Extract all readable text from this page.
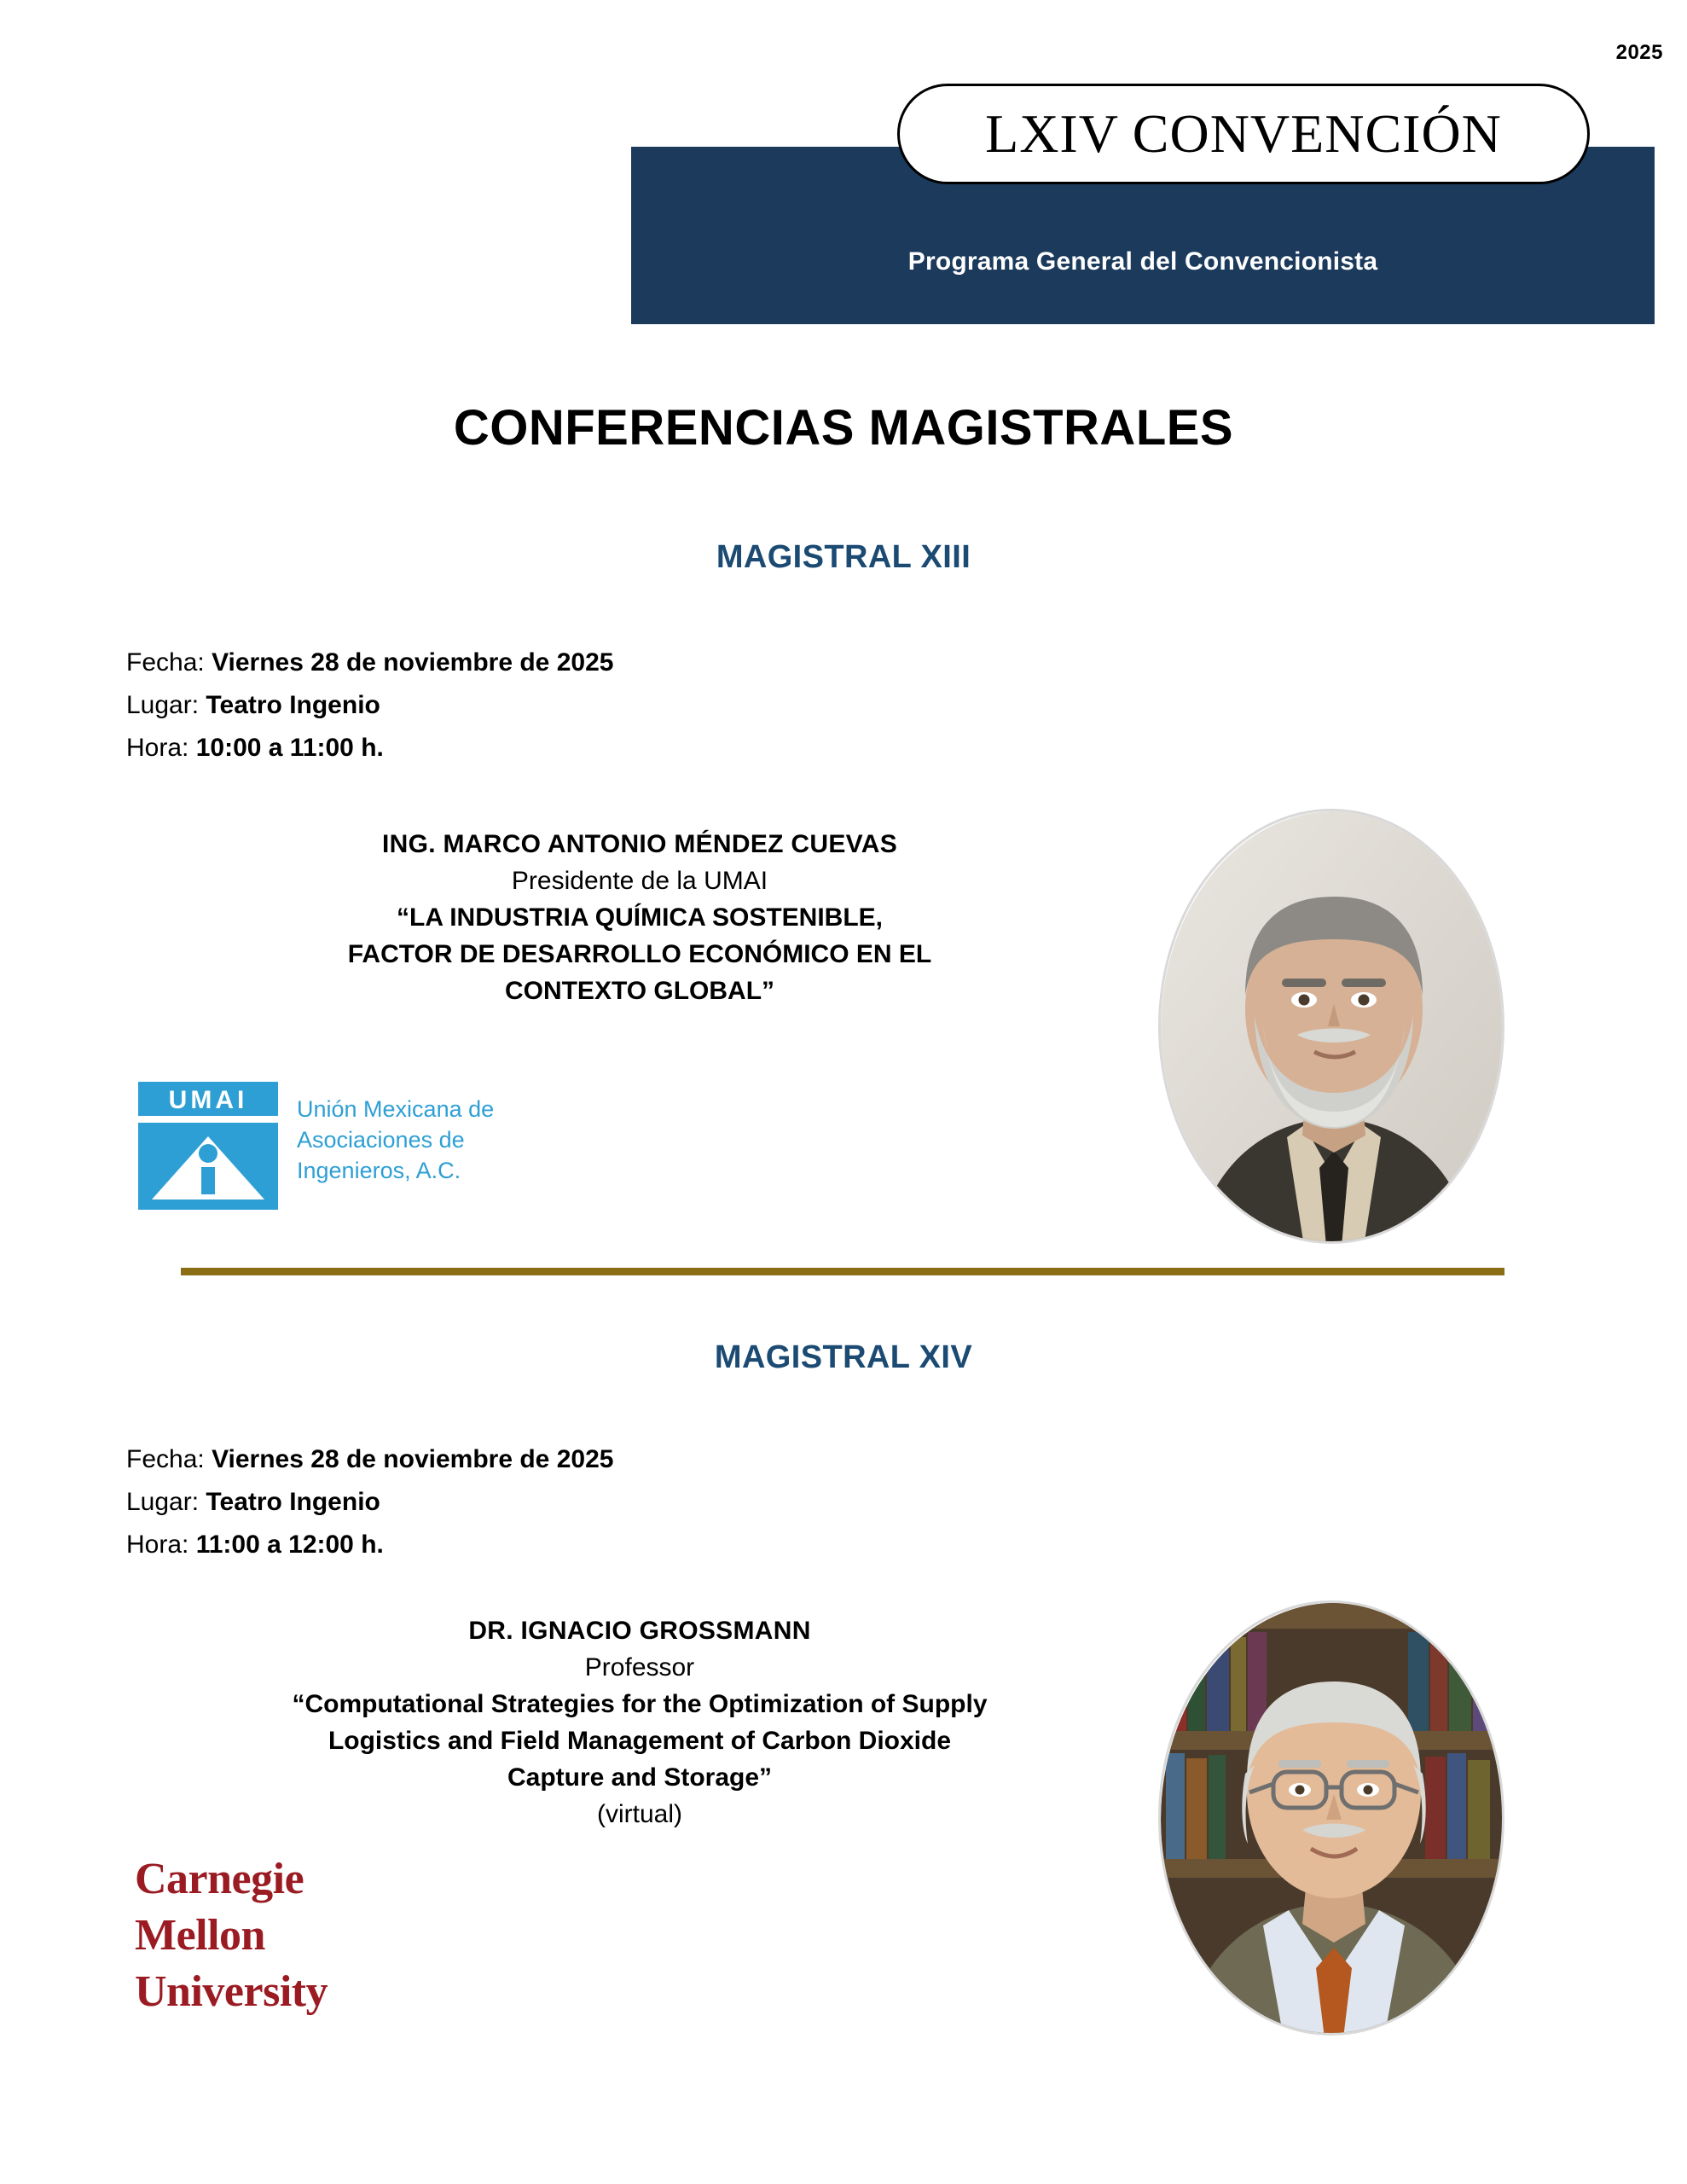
2025
Programa General del Convencionista
LXIV CONVENCIÓN
CONFERENCIAS MAGISTRALES
MAGISTRAL XIII
Fecha: Viernes 28 de noviembre de 2025
Lugar: Teatro Ingenio
Hora: 10:00 a 11:00 h.
ING. MARCO ANTONIO MÉNDEZ CUEVAS
Presidente de la UMAI
“LA INDUSTRIA QUÍMICA SOSTENIBLE,
FACTOR DE DESARROLLO ECONÓMICO EN EL
CONTEXTO GLOBAL”
UMAI Unión Mexicana de
Asociaciones de
Ingenieros, A.C.
MAGISTRAL XIV
Fecha: Viernes 28 de noviembre de 2025
Lugar: Teatro Ingenio
Hora: 11:00 a 12:00 h.
DR. IGNACIO GROSSMANN
Professor
“Computational Strategies for the Optimization of Supply
Logistics and Field Management of Carbon Dioxide
Capture and Storage”
(virtual)
Carnegie
Mellon
University
